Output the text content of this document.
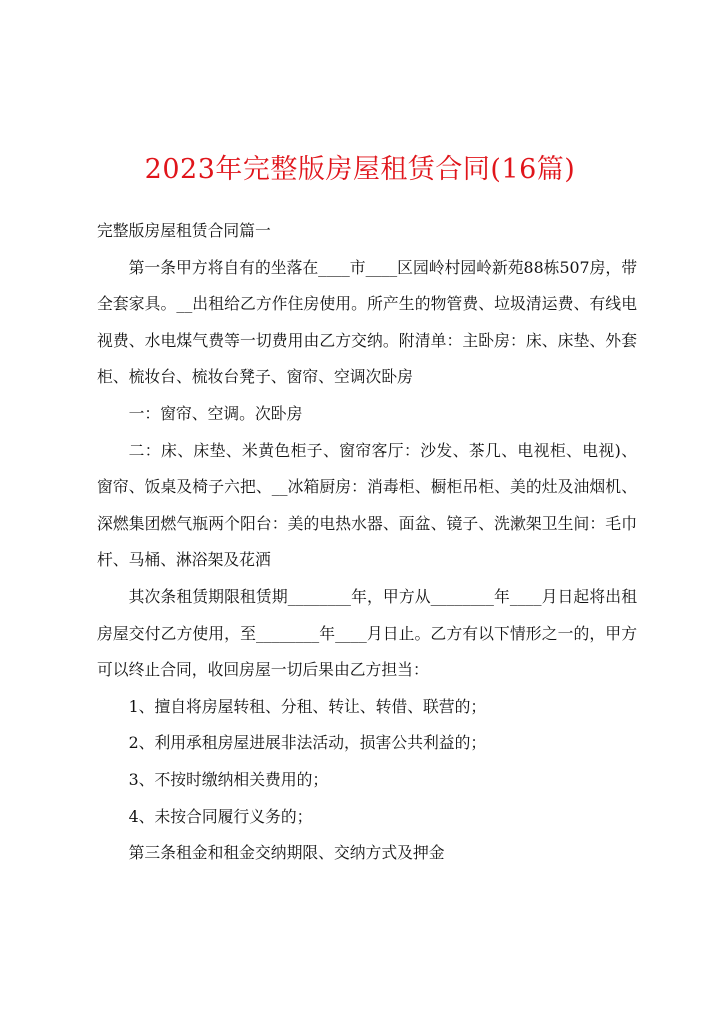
2023年完整版房屋租赁合同(16篇)

完整版房屋租赁合同篇一

第一条甲方将自有的坐落在____市____区园岭村园岭新苑88栋507房，带全套家具。__出租给乙方作住房使用。所产生的物管费、垃圾清运费、有线电视费、水电煤气费等一切费用由乙方交纳。附清单：主卧房：床、床垫、外套柜、梳妆台、梳妆台凳子、窗帘、空调次卧房

一：窗帘、空调。次卧房

二：床、床垫、米黄色柜子、窗帘客厅：沙发、茶几、电视柜、电视)、窗帘、饭桌及椅子六把、__冰箱厨房：消毒柜、橱柜吊柜、美的灶及油烟机、深燃集团燃气瓶两个阳台：美的电热水器、面盆、镜子、洗漱架卫生间：毛巾杆、马桶、淋浴架及花洒

其次条租赁期限租赁期________年，甲方从________年____月日起将出租房屋交付乙方使用，至________年____月日止。乙方有以下情形之一的，甲方可以终止合同，收回房屋一切后果由乙方担当：

1、擅自将房屋转租、分租、转让、转借、联营的；

2、利用承租房屋进展非法活动，损害公共利益的；

3、不按时缴纳相关费用的；

4、未按合同履行义务的；

第三条租金和租金交纳期限、交纳方式及押金
